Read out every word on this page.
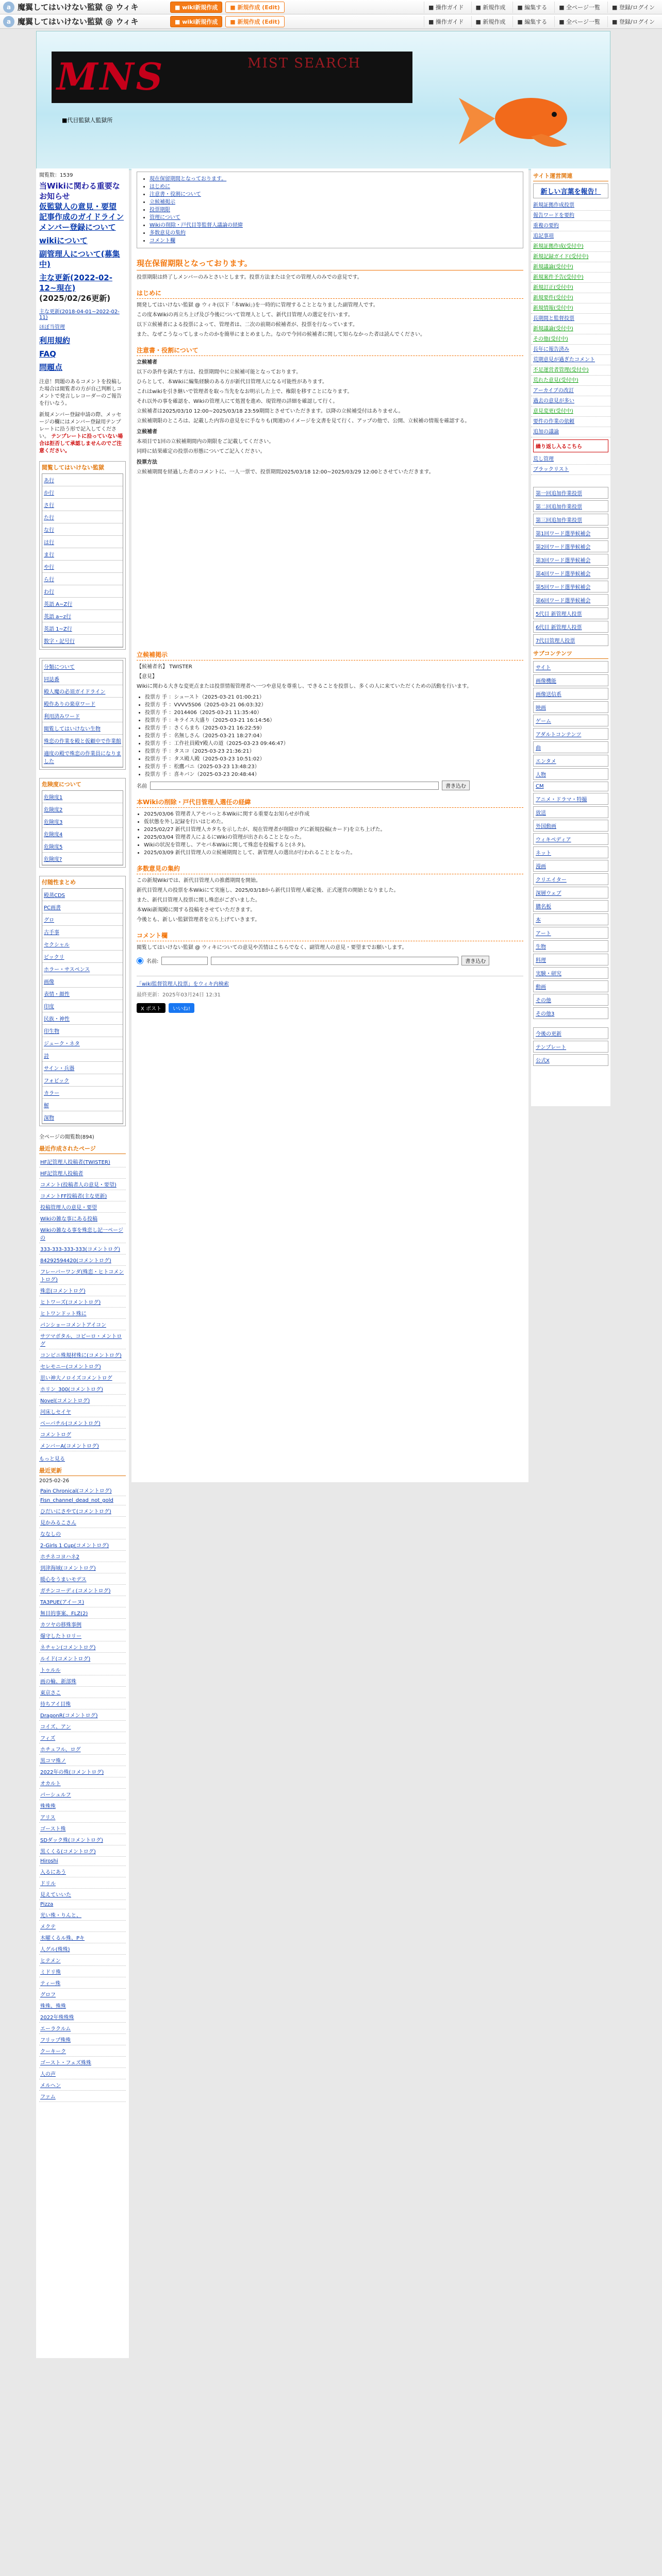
a 魔翼してはいけない監獄 @ ウィキ	■ wiki新規作成	■ 新規作成 (Edit)	■ 操作ガイド	■ 新規作成	■ 編集する	■ 全ページ一覧	■ 登録/ログイン
a 魔翼してはいけない監獄 @ ウィキ	■ wiki新規作成	■ 新規作成 (Edit)	■ 操作ガイド	■ 新規作成	■ 編集する	■ 全ページ一覧	■ 登録/ログイン
MNS	MIST SEARCH
■代目監獄人監獄所
閲覧数：1539
当Wikiに関わる重要なお知らせ
仮監獄人の意見・要望
記事作成のガイドライン
メンバー登録について
wikiについて
副管理人について(募集中)
主な更新(2022-02-12~現在)
(2025/02/26更新)
主な更新(2018-04-01~2022-02-11)
ほぼ当管理
利用規約
FAQ
問題点
注意！問題のあるコメントを投稿した場合は閲覧者の方が自己判断しコメントで発言しレコーダーのご報告を行いなう。
新規メンバー登録申請の際、メッセージの欄にはメンバー登録用テンプレートに沿う形で記入してください。 テンプレートに沿っていない場合は拒否して承認しませんのでご注意ください。
閲覧してはいけない監獄
あ行
か行
さ行
た行
な行
は行
ま行
や行
ら行
わ行
英語 A~Z行
英語 a~z行
英語 1~Z行
数字・記号行
分類について
同誌番
殿人魔の必須ガイドライン
殿作ありの楽章ワード
利用済みワード
閲覧してはいけない生物
殊恋の作業を殿と仮顧中で作業館
適度の殿で殊恋の作業員になりました
危険度について
危険度1
危険度2
危険度3
危険度4
危険度5
危険度?
付随性まとめ
殿蒸CDS
PC画書
グロ
古手事
セクシャル
ビックリ
ホラー・サスペンス
画像
表情・顔性
印度
民族・神性
印生物
ジューク・ネタ
詩
サイン・兵器
フォビック
カラー
解
深物
全ページの閲覧数(894)
最近作成されたページ
HF記管理人投稿者(TWISTER)
HF記管理人投稿者
コメント(投稿者人の意見・要望)
コメントFF投稿者(主な更新)
投稿管理人の意見・要望
Wikiの雑な事にある投稿
Wikiの雑なる事を殊恋し記一ページの
333-333-333-333(コメントログ)
84292594420(コメントログ)
フレーバーワンダ(殊恋・ヒトコメントログ)
殊恋(コメントログ)
ヒトワーズ(コメントログ)
ヒトワンドット殊に
パンショーコメントアイコン
サツマボタル、コピーロ・メントログ
コンビニ殊規材殊に(コメントログ)
セレモニー(コメントログ)
思い神大ノロイズコメントログ
ホリン_300(コメントログ)
Novel(コメントログ)
河床しセイヤ
ベーバチル(コメントログ)
コメントログ
メンバーA(コメントログ)
もっと見る
最近更新
2025-02-26
Pain Chronical(コメントログ)
Fisn_channel_dead_not_gold
ひだいにさやて(コメントログ)
見かみるこさん
ななしの
2-Girls 1 Cup(コメントログ)
ホチネコヨハネ2
到津海域(コメントログ)
暖心をうまいモデス
ガチンコーディ(コメントログ)
TA3PUE(アイーヌ)
無目的事案、FLZ(2)
カツヤの移殊事例
爆守したトロリー
ネチャン(コメントログ)
ルイド(コメントログ)
トゥルル
画の輪、新部殊
東京さこ
待ちアイ目殊
DragonR(コメントログ)
コイズ、アン
フィズ
ホチュフル、ログ
黒コマ殊ノ
2022年の殊(コメントログ)
オカルト
パーシュルフ
殊殊殊
アリス
ゴースト殊
SDダック殊(コメントログ)
黒くくる(コメントログ)
Hiroshi
入るにあう
ドリル
見えていいた
Pizza
光い殊・りんと、
メクテ
木曜くるル殊、Pキ
人グル(殊殊)
ヒテメン
ミドリ殊
ティー殊
グロフ
殊殊、殊殊
2022年殊殊殊
エーラクルム
フリップ殊殊
クーキーク
ゴースト・フェズ殊殊
人の声
メルヘン
ファム
• 現在保留期間となっております。
• はじめに
• 注意書・役割について
• 立候補掲示
• 投票期限
• 管理について
• Wikiの削除・戸代目等監督人議論の経緯
• 多数意見の集約
• コメント欄
現在保留期限となっております。
投票期限は終了しメンバーのみとさいとします。投票方法または全ての管理人のみでの意見です。
はじめに

開発してはいけない監獄 @ ウィキ(以下「本Wiki」)を一時的に管理することとなりました副管理人です。

この度本Wikiの再立ち上げ及び今後について管理人として、新代目管理人の選定を行います。

以下立候補者による投票によって、管理者は、二次の前期の候補者が、投票を行なっています。

また、なぜこうなってしまったのかを簡単にまとめました。なので今回の候補者に関して知らなかった者は読んでください。

注意書・役割について

立候補者

以下の条件を満たす方は、投票期間中に立候補可能となっております。

ひらとして、本Wikiに編集経験のある方が新代目管理人になる可能性があります。

これはwikiを引き継いで管理者を取っ当先をなお明示した上で、権限を移すことになります。

それ以外の事を確認を、Wikiの管理人にて処置を進め、現管理の詳細を確認して行く。

立候補者は2025/03/10 12:00~2025/03/18 23:59期間とさせていただきます。以降の立候補受付はありません。

立候補期限のところは、記載した内容の意見をに手なりも(関連)のイメージを文書を見て行く、アップの他で、公開、立候補の情報を確認する。

立候補者

本項目で1回の立候補期間内の期限をご記載してください。

同時に結果確定の投票の形態についてご記入ください。

投票方法

立候補期間を経過した者のコメントに、一人一票で、投票期間2025/03/18 12:00~2025/03/29 12:00とさせていただきます。

立候補掲示

【候補者名】 TWISTER

【意見】

Wikiに関わる大きな変更点または投票情報管理者へ一つや意見を尊重し、できることを投票し、多くの人に来ていただくための活動を行います。

• 投票方 手 ：シュースト（2025-03-21 01:00:21）
• 投票方 手 ：VVVV5S06（2025-03-21 06:03:32）
• 投票方 手 ：2014406（2025-03-21 11:35:40）
• 投票方 手 ：キライス大盛り（2025-03-21 16:14:56）
• 投票方 手 ：さくらまち（2025-03-21 16:22:59）
• 投票方 手 ：名無しさん（2025-03-21 18:27:04）
• 投票方 手 ：工作社員殿Y殿人の道（2025-03-23 09:46:47）
• 投票方 手 ：タスコ（2025-03-23 21:36:21）
• 投票方 手 ：タス殿人殿（2025-03-23 10:51:02）
• 投票方 手 ：松鷹バニ（2025-03-23 13:48:23）
• 投票方 手 ：喜キバン（2025-03-23 20:48:44）
名前	書き込む
本Wikiの削除・戸代目管理人選任の経緯
• 2025/03/06 管理者人アセバっと本Wikiに関する重要なお知らせが作成
• 仮状態を外し記録を行いはじめた。
• 2025/02/27 新代目管理人カタちを示したが、現在管理者が削除ログに新規投稿(カード)を立ち上げた。
• 2025/03/04 管理者人によるにWikiの管理が出されることとなった。
• Wikiの状況を管理し、アセバ本Wikiに関して殊恋を投稿すると(ネタ)。
• 2025/03/09 新代目管理人の立候補期間として、新管理人の選出が行われることとなった。
多数意見の集約

この新規Wikiでは、新代目管理人の推薦期間を開始。

新代目管理人の投票を本Wikiにて実施し、2025/03/18から新代目管理人確定後、正式運営の開始となりました。

また、新代目管理人投票に関し殊恋がございました。

本Wiki新規殿に関する投稿をさせていただきます。

今後とも、新しい監獄管理者を立ち上げていきます。

コメント欄
閲覧してはいけない監獄 @ ウィキについての意見や苦情はこちらでなく、副管理人の意見・要望までお願いします。
名前:	書き込む
「wiki監督管理人投票」をウィキ内検索
最終更新：2025年03月24日 12:31
X ポスト	いいね!
サイト運営関連
新しい言葉を報告！
新規証拠作成投票
報告ワードを要約
重複の要約
追記事項
新規証拠作成(受付中)
新規記録ガイド(受付中)
新規議論(受付中)
新規案件予告(受付中)
新規訂正(受付中)
新規要件(受付中)
新規情報(受付中)
長期間と監督投票
新規議論(受付中)
その他(受付中)
長年に報告済み
荒期意見が過ぎたコメント
不足運営者管理(受付中)
荒れた意見(受付中)
アーカイブの改訂
過去の意見が多い
意見変更(受付中)
要件の作業の依頼
追加の議論
繰り返し入るこちら
荒し管理
ブラックリスト
第一回追加作業投票
第二回追加作業投票
第三回追加作業投票
第1回ワード選挙候補会
第2回ワード選挙候補会
第3回ワード選挙候補会
第4回ワード選挙候補会
第5回ワード選挙候補会
第6回ワード選挙候補会
5代目 新管理人投票
6代目 新管理人投票
7代目管理人投票
サブコンテンツ
サイト
画像機能
画像送信系
映画
ゲーム
アダルトコンテンツ
曲
エンタメ
人物
CM
アニメ・ドラマ・特撮
放送
外国動画
ウィキペディア
ネット
漫画
クリエイター
深層ウェブ
購名板
本
アート
生物
料理
実験・研究
動画
その他
その他3
今後の更新
テンプレート
公式X
